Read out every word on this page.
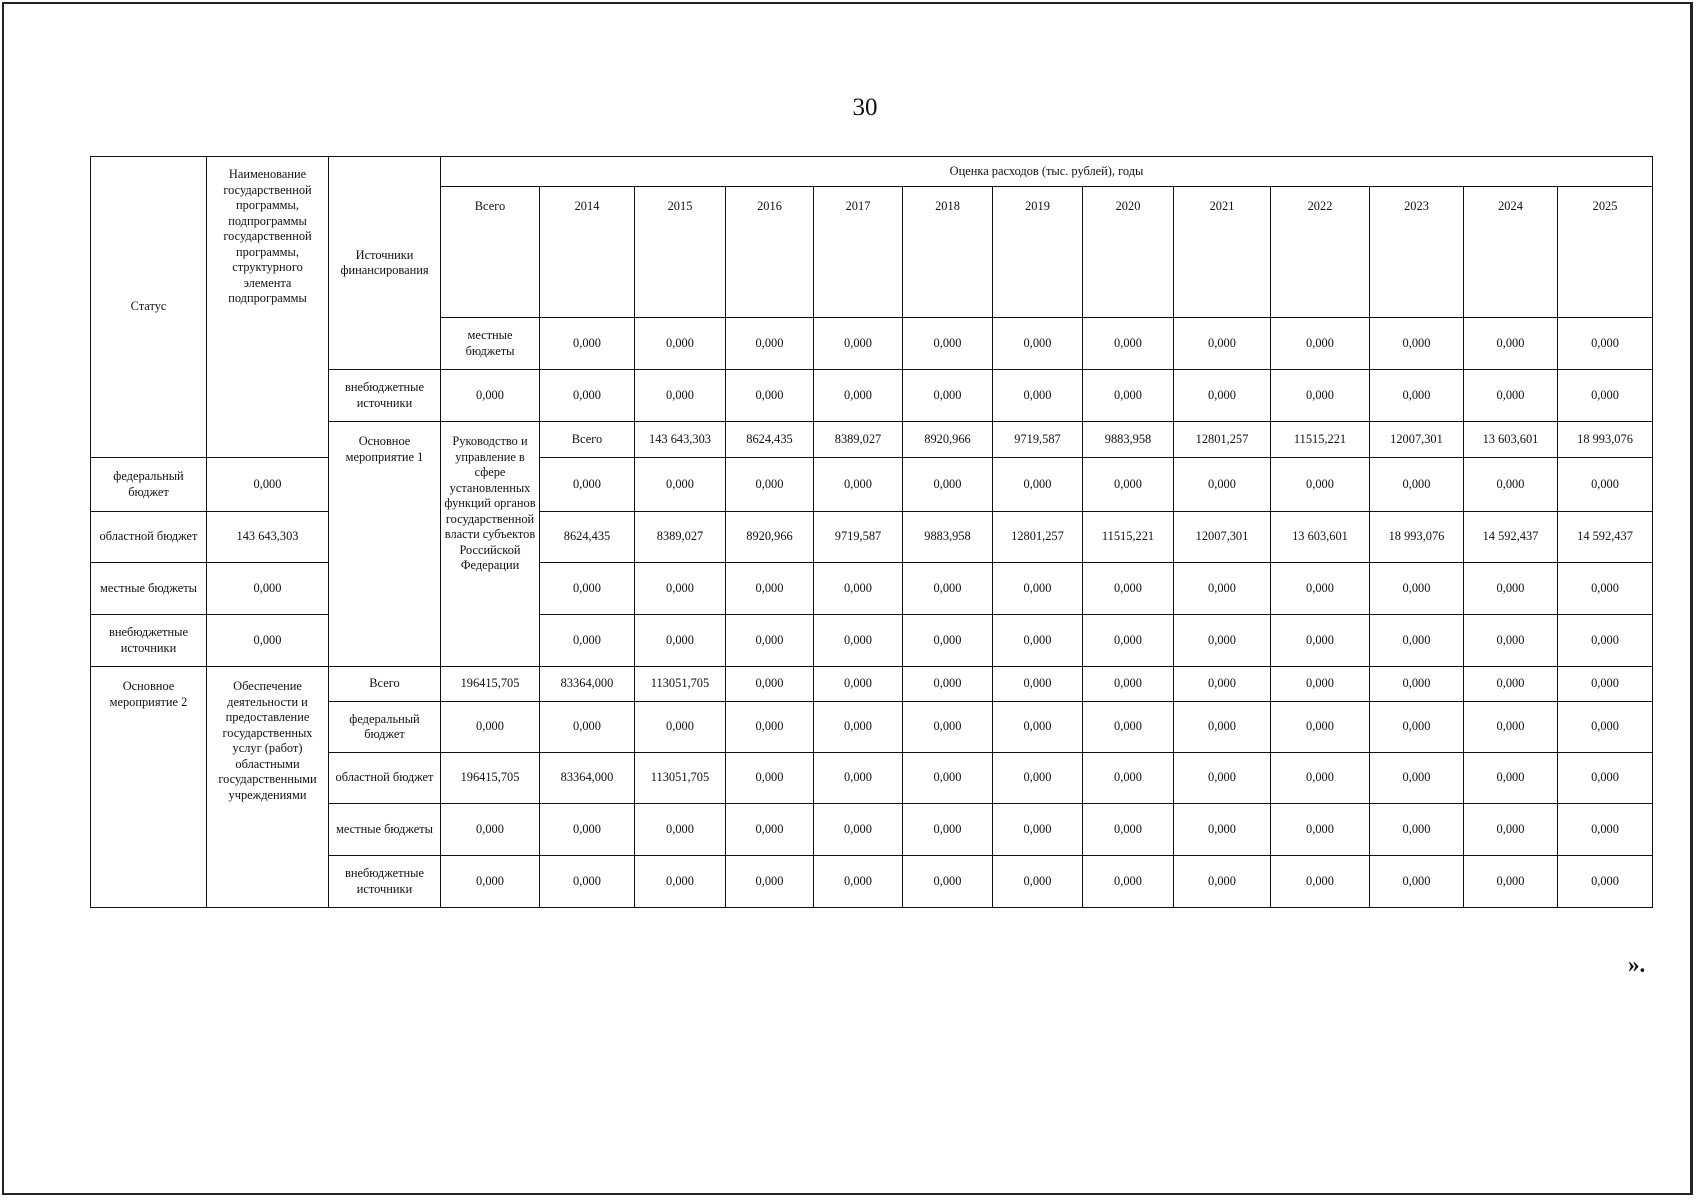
30
Статус	Наименование государственной программы, подпрограммы государственной программы, структурного элемента подпрограммы	Источники финансирования	Оценка расходов (тыс. рублей), годы													
			Всего	2014	2015	2016	2017	2018	2019	2020	2021	2022	2023	2024	2025	
			местные бюджеты	0,000	0,000	0,000	0,000	0,000	0,000	0,000	0,000	0,000	0,000	0,000	0,000	
		внебюджетные источники	0,000	0,000	0,000	0,000	0,000	0,000	0,000	0,000	0,000	0,000	0,000	0,000	0,000	
		Основное мероприятие 1	Руководство и управление в сфере установленных функций органов государственной власти субъектов Российской Федерации	Всего	143 643,303	8624,435	8389,027	8920,966	9719,587	9883,958	12801,257	11515,221	12007,301	13 603,601	18 993,076		
федеральный бюджет	0,000			0,000	0,000	0,000	0,000	0,000	0,000	0,000	0,000	0,000	0,000	0,000	0,000	
областной бюджет	143 643,303			8624,435	8389,027	8920,966	9719,587	9883,958	12801,257	11515,221	12007,301	13 603,601	18 993,076	14 592,437	14 592,437	
местные бюджеты	0,000			0,000	0,000	0,000	0,000	0,000	0,000	0,000	0,000	0,000	0,000	0,000	0,000	
внебюджетные источники	0,000			0,000	0,000	0,000	0,000	0,000	0,000	0,000	0,000	0,000	0,000	0,000	0,000	
Основное мероприятие 2	Обеспечение деятельности и предоставление государственных услуг (работ) областными государственными учреждениями	Всего	196415,705	83364,000	113051,705	0,000	0,000	0,000	0,000	0,000	0,000	0,000	0,000	0,000	0,000	
		федеральный бюджет	0,000	0,000	0,000	0,000	0,000	0,000	0,000	0,000	0,000	0,000	0,000	0,000	0,000	
		областной бюджет	196415,705	83364,000	113051,705	0,000	0,000	0,000	0,000	0,000	0,000	0,000	0,000	0,000	0,000	
		местные бюджеты	0,000	0,000	0,000	0,000	0,000	0,000	0,000	0,000	0,000	0,000	0,000	0,000	0,000	
		внебюджетные источники	0,000	0,000	0,000	0,000	0,000	0,000	0,000	0,000	0,000	0,000	0,000	0,000	0,000	
».
